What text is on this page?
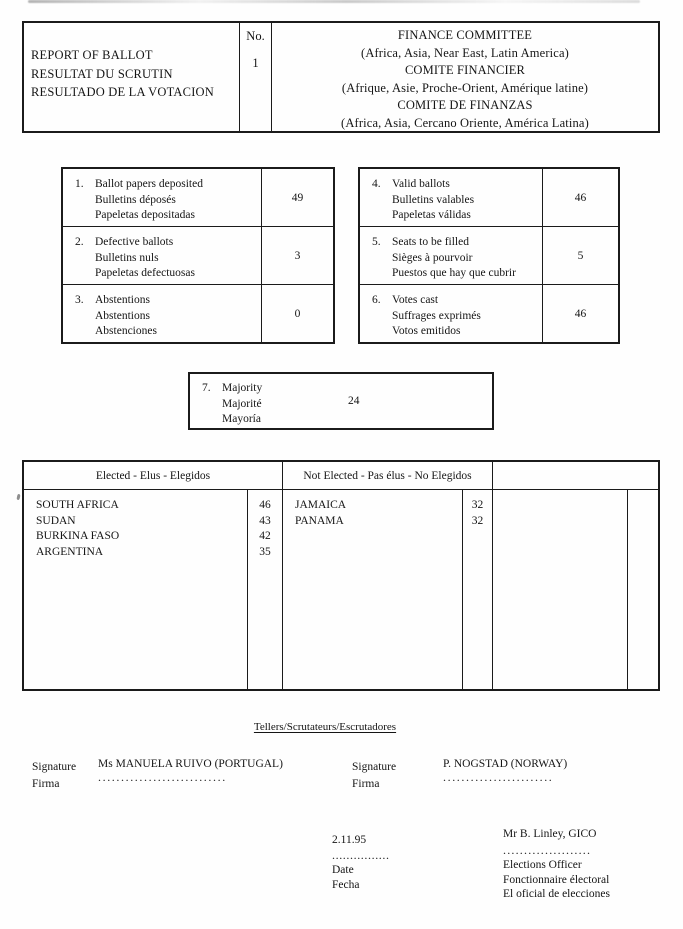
REPORT OF BALLOT
RESULTAT DU SCRUTIN
RESULTADO DE LA VOTACION
No.
1
FINANCE COMMITTEE
(Africa, Asia, Near East, Latin America)
COMITE FINANCIER
(Afrique, Asie, Proche-Orient, Amérique latine)
COMITE DE FINANZAS
(Africa, Asia, Cercano Oriente, América Latina)
1. Ballot papers deposited
Bulletins déposés
Papeletas depositadas
49
2. Defective ballots
Bulletins nuls
Papeletas defectuosas
3
3. Abstentions
Abstentions
Abstenciones
0
4. Valid ballots
Bulletins valables
Papeletas válidas
46
5. Seats to be filled
Sièges à pourvoir
Puestos que hay que cubrir
5
6. Votes cast
Suffrages exprimés
Votos emitidos
46
7. Majority
Majorité
Mayoría
24
Elected - Elus - Elegidos	Not Elected - Pas élus - No Elegidos
SOUTH AFRICA
SUDAN
BURKINA FASO
ARGENTINA
46
43
42
35
JAMAICA
PANAMA
32
32
Tellers/Scrutateurs/Escrutadores
Signature
Firma
Ms MANUELA RUIVO (PORTUGAL)
............................
Signature
Firma
P. NOGSTAD (NORWAY)
........................
2.11.95
................
Date
Fecha
Mr B. Linley, GICO
.....................
Elections Officer
Fonctionnaire électoral
El oficial de elecciones
